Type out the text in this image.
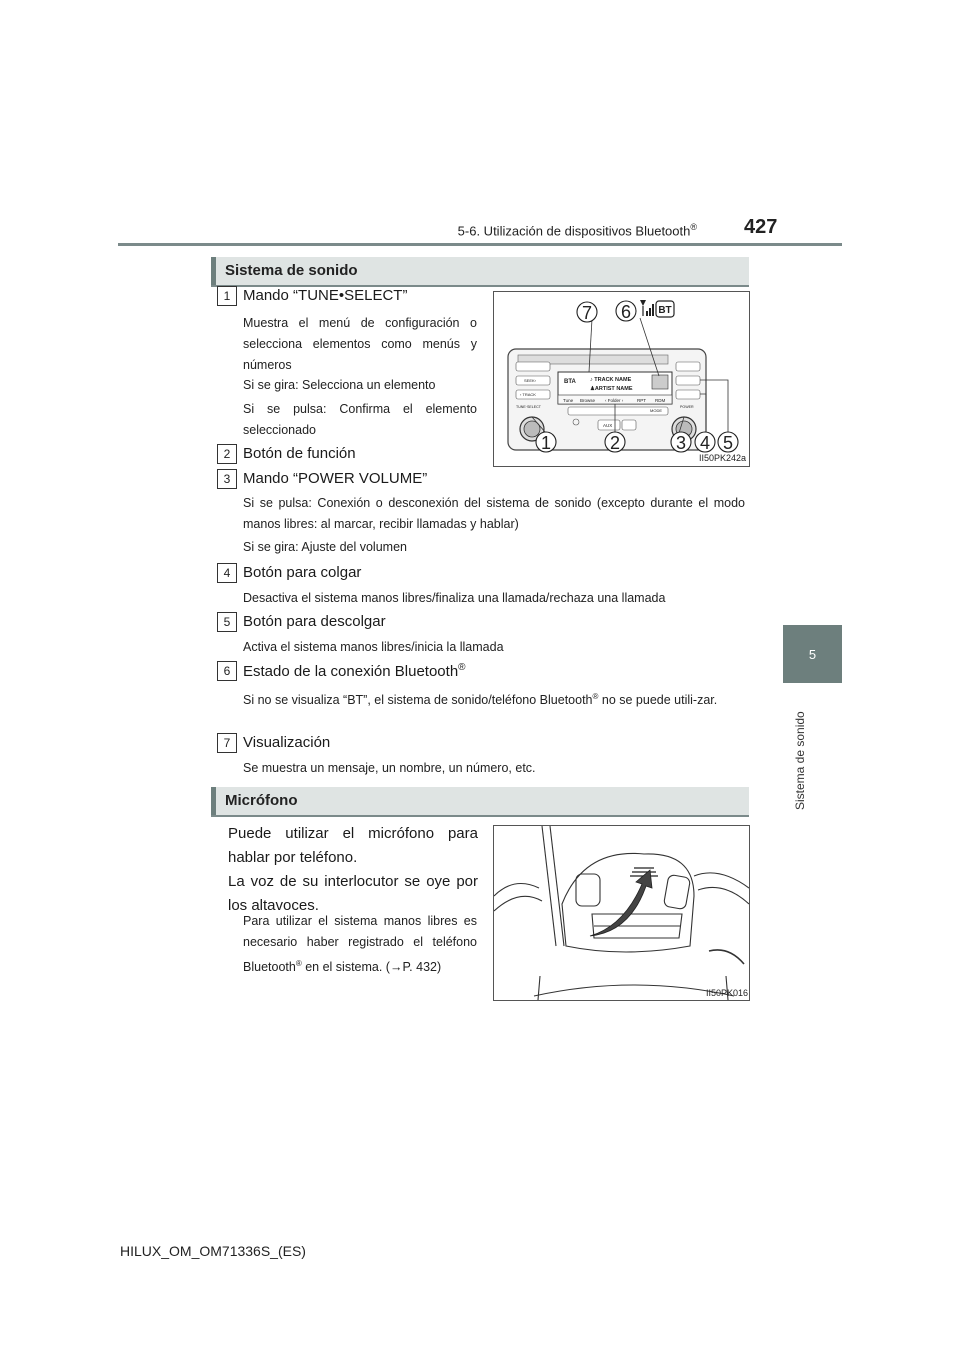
5-6. Utilización de dispositivos Bluetooth® 427
5
Sistema de sonido
Sistema de sonido
1 Mando “TUNE•SELECT”
Muestra el menú de configuración o selecciona elementos como menús y números
Si se gira: Selecciona un elemento
Si se pulsa: Confirma el elemento seleccionado
BTA	♪ TRACK NAME
♟ARTIST NAME
Tune Browse ‹ Folder ›	RPT RDM
SEEK›
‹ TRACK
TUNE·SELECT	POWER
AUX
MODE
1	2	3 4 5
6
7	BT
II50PK242a
2 Botón de función
3 Mando “POWER VOLUME”
Si se pulsa: Conexión o desconexión del sistema de sonido (excepto durante el modo manos libres: al marcar, recibir llamadas y hablar)
Si se gira: Ajuste del volumen
4 Botón para colgar
Desactiva el sistema manos libres/finaliza una llamada/rechaza una llamada
5 Botón para descolgar
Activa el sistema manos libres/inicia la llamada
6 Estado de la conexión Bluetooth®
Si no se visualiza “BT”, el sistema de sonido/teléfono Bluetooth® no se puede utili-zar.
7 Visualización
Se muestra un mensaje, un nombre, un número, etc.
Micrófono
Puede utilizar el micrófono para hablar por teléfono.
La voz de su interlocutor se oye por los altavoces.
Para utilizar el sistema manos libres es necesario haber registrado el teléfono Bluetooth® en el sistema. (→P. 432)
II50PK016
HILUX_OM_OM71336S_(ES)
